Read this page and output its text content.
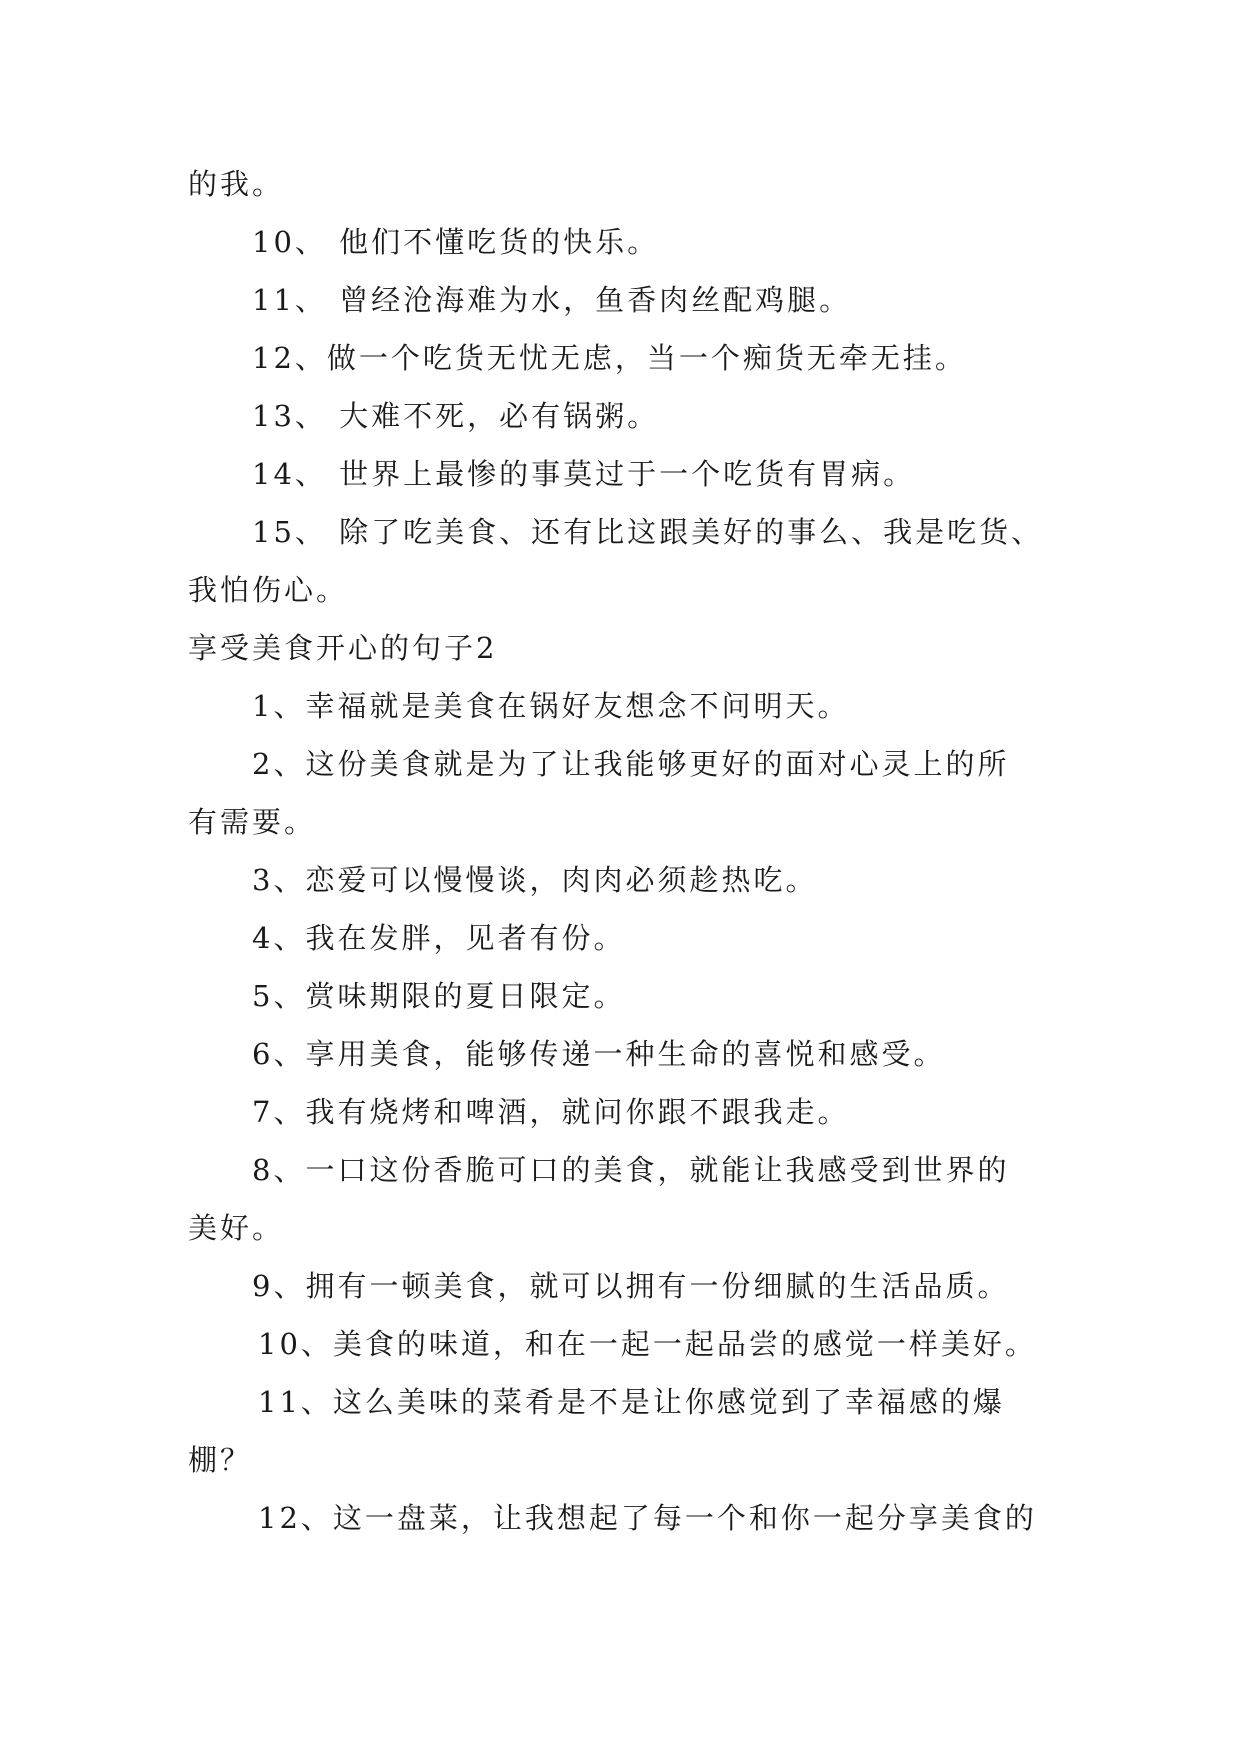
的我。
10、 他们不懂吃货的快乐。
11、 曾经沧海难为水，鱼香肉丝配鸡腿。
12、做一个吃货无忧无虑，当一个痴货无牵无挂。
13、 大难不死，必有锅粥。
14、 世界上最惨的事莫过于一个吃货有胃病。
15、 除了吃美食、还有比这跟美好的事么、我是吃货、
我怕伤心。
享受美食开心的句子2
1、幸福就是美食在锅好友想念不问明天。
2、这份美食就是为了让我能够更好的面对心灵上的所
有需要。
3、恋爱可以慢慢谈，肉肉必须趁热吃。
4、我在发胖，见者有份。
5、赏味期限的夏日限定。
6、享用美食，能够传递一种生命的喜悦和感受。
7、我有烧烤和啤酒，就问你跟不跟我走。
8、一口这份香脆可口的美食，就能让我感受到世界的
美好。
9、拥有一顿美食，就可以拥有一份细腻的生活品质。
10、美食的味道，和在一起一起品尝的感觉一样美好。
11、这么美味的菜肴是不是让你感觉到了幸福感的爆
棚？
12、这一盘菜，让我想起了每一个和你一起分享美食的
